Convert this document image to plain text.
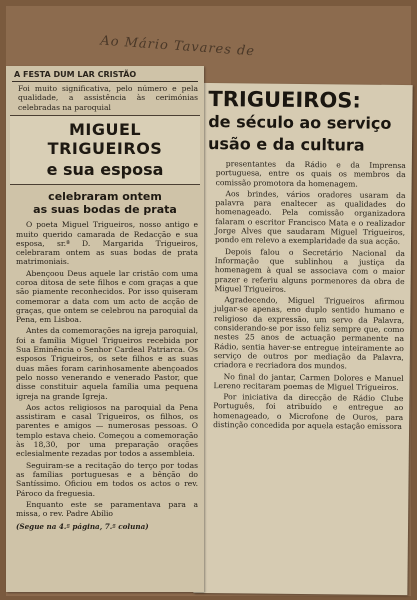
Ao Mário Tavares de
TRIGUEIROS:
de século ao serviço
usão e da cultura

presentantes da Rádio e da Imprensa portuguesa, entre os quais os membros da comissão promotora da homenagem.

Aos brindes, vários oradores usaram da palavra para enaltecer as qualidades do homenageado. Pela comissão organizadora falaram o escritor Francisco Mata e o realizador Jorge Alves que saudaram Miguel Trigueiros, pondo em relevo a exemplaridade da sua acção.

Depois falou o Secretário Nacional da Informação que sublinhou a justiça da homenagem à qual se associava com o maior prazer e referiu alguns pormenores da obra de Miguel Trigueiros.

Agradecendo, Miguel Trigueiros afirmou julgar-se apenas, eno duplo sentido humano e religioso da expressão, um servo da Palavra, considerando-se por isso feliz sempre que, como nestes 25 anos de actuação permanente na Rádio, sentia haver-se entregue inteiramente ao serviço de outros por mediação da Palavra, criadora e recriadora dos mundos.

No final do jantar, Carmen Dolores e Manuel Lereno recitaram poemas de Miguel Trigueiros.

Por iniciativa da direcção de Rádio Clube Português, foi atribuído e entregue ao homenageado, o Microfone de Ouros, para distinção concedida por aquela estação emissora

A FESTA DUM LAR CRISTÃO
Foi muito significativa, pelo número e pela qualidade, a assistência às cerimónias celebradas na paroquial
MIGUEL TRIGUEIROS
e sua esposa
celebraram ontem
as suas bodas de prata

O poeta Miguel Trigueiros, nosso antigo e muito querido camarada de Redacção e sua esposa, sr.ª D. Margarida Trigueiros, celebraram ontem as suas bodas de prata matrimoniais.

Abençoou Deus aquele lar cristão com uma coroa ditosa de sete filhos e com graças a que são piamente reconhecidos. Por isso quiseram comemorar a data com um acto de acção de graças, que ontem se celebrou na paroquial da Pena, em Lisboa.

Antes da comemorações na igreja paroquial, foi a família Miguel Trigueiros recebida por Sua Eminência o Senhor Cardeal Patriarca. Os esposos Trigueiros, os sete filhos e as suas duas mães foram carinhosamente abençoados pelo nosso venerando e venerado Pastor, que disse constituir aquela família uma pequena igreja na grande Igreja.

Aos actos religiosos na paroquial da Pena assistiram e casal Trigueiros, os filhos, os parentes e amigos — numerosas pessoas. O templo estava cheio. Começou a comemoração às 18,30, por uma preparação orações eclesialmente rezadas por todos a assembleia.

Seguiram-se a recitação do terço por todas as famílias portuguesas e a bênção do Santíssimo. Oficiou em todos os actos o rev. Pároco da freguesia.

Enquanto este se paramentava para a missa, o rev. Padre Abílio

(Segue na 4.ª página, 7.ª coluna)
